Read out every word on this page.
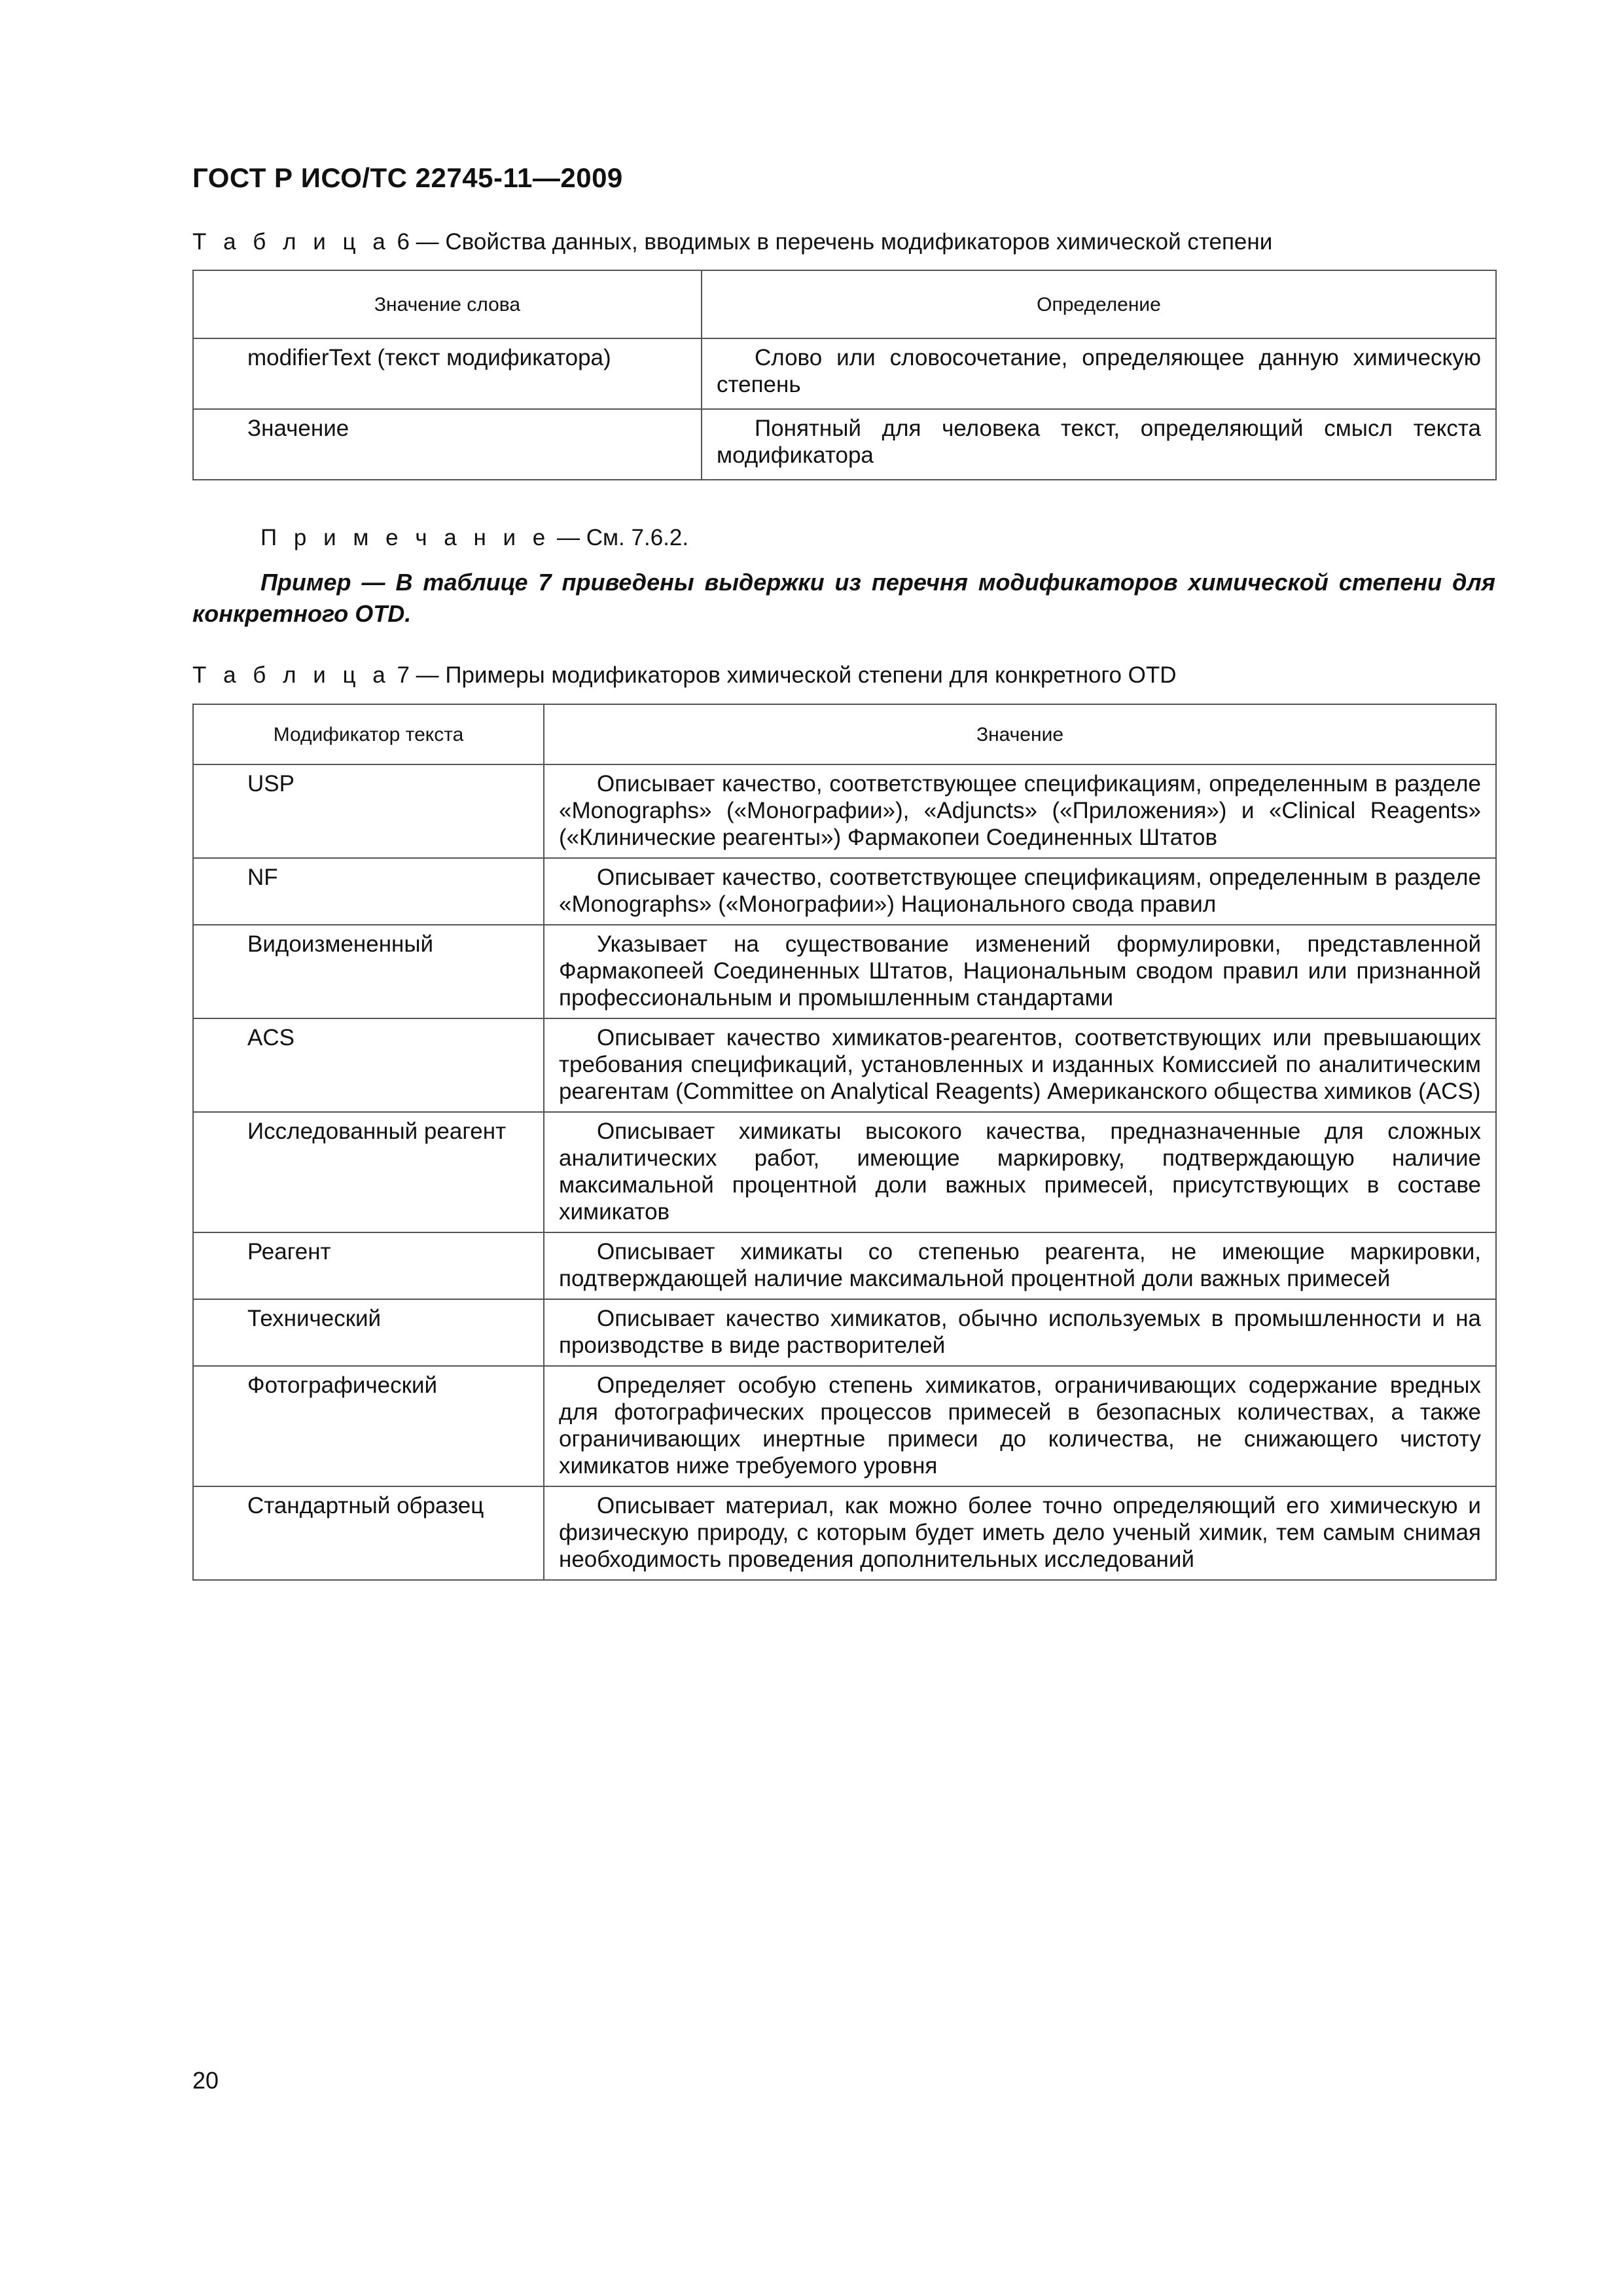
ГОСТ Р ИСО/ТС 22745-11—2009
Т а б л и ц а 6 — Свойства данных, вводимых в перечень модификаторов химической степени
Значение слова	Определение
modifierText (текст модификатора)	Слово или словосочетание, определяющее данную химическую степень
Значение	Понятный для человека текст, определяющий смысл текста модификатора
П р и м е ч а н и е — См. 7.6.2.
Пример — В таблице 7 приведены выдержки из перечня модификаторов химической степени для конкретного OTD.
Т а б л и ц а 7 — Примеры модификаторов химической степени для конкретного OTD
Модификатор текста	Значение
USP	Описывает качество, соответствующее спецификациям, определенным в разделе «Monographs» («Монографии»), «Adjuncts» («Приложения») и «Clinical Reagents» («Клинические реагенты») Фармакопеи Соединенных Штатов
NF	Описывает качество, соответствующее спецификациям, определенным в разделе «Monographs» («Монографии») Национального свода правил
Видоизмененный	Указывает на существование изменений формулировки, представленной Фармакопеей Соединенных Штатов, Национальным сводом правил или признанной профессиональным и промышленным стандартами
ACS	Описывает качество химикатов-реагентов, соответствующих или превышающих требования спецификаций, установленных и изданных Комиссией по аналитическим реагентам (Committee on Analytical Reagents) Американского общества химиков (ACS)
Исследованный реагент	Описывает химикаты высокого качества, предназначенные для сложных аналитических работ, имеющие маркировку, подтверждающую наличие максимальной процентной доли важных примесей, присутствующих в составе химикатов
Реагент	Описывает химикаты со степенью реагента, не имеющие маркировки, подтверждающей наличие максимальной процентной доли важных примесей
Технический	Описывает качество химикатов, обычно используемых в промышленности и на производстве в виде растворителей
Фотографический	Определяет особую степень химикатов, ограничивающих содержание вредных для фотографических процессов примесей в безопасных количествах, а также ограничивающих инертные примеси до количества, не снижающего чистоту химикатов ниже требуемого уровня
Стандартный образец	Описывает материал, как можно более точно определяющий его химическую и физическую природу, с которым будет иметь дело ученый химик, тем самым снимая необходимость проведения дополнительных исследований
20
